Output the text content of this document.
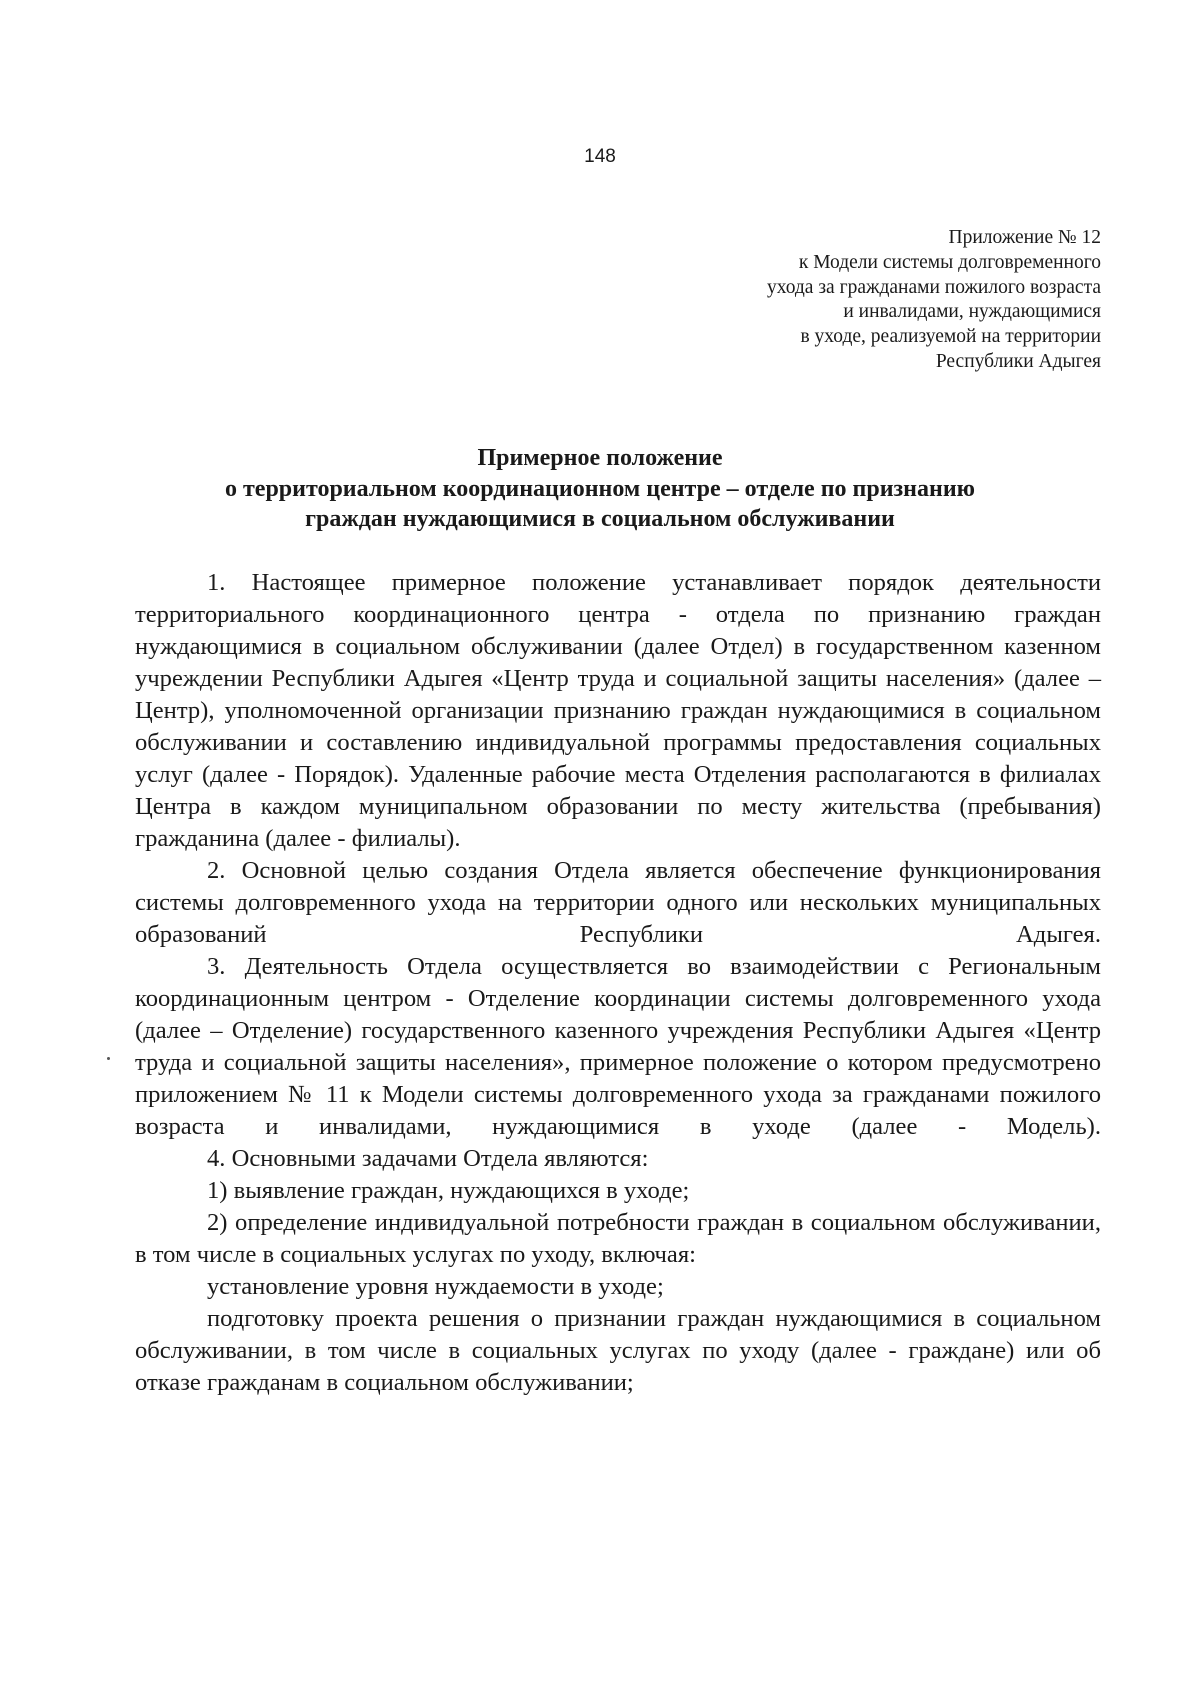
148
Приложение № 12
к Модели системы долговременного
ухода за гражданами пожилого возраста
и инвалидами, нуждающимися
в уходе, реализуемой на территории
Республики Адыгея
Примерное положение
о территориальном координационном центре – отделе по признанию
граждан нуждающимися в социальном обслуживании

1. Настоящее примерное положение устанавливает порядок деятельности территориального координационного центра - отдела по признанию граждан нуждающимися в социальном обслуживании (далее Отдел) в государственном казенном учреждении Республики Адыгея «Центр труда и социальной защиты населения» (далее – Центр), уполномоченной организации признанию граждан нуждающимися в социальном обслуживании и составлению индивидуальной программы предоставления социальных услуг (далее - Порядок). Удаленные рабочие места Отделения располагаются в филиалах Центра в каждом муниципальном образовании по месту жительства (пребывания) гражданина (далее - филиалы).

2. Основной целью создания Отдела является обеспечение функционирования системы долговременного ухода на территории одного или нескольких муниципальных образований Республики Адыгея.

3. Деятельность Отдела осуществляется во взаимодействии с Региональным координационным центром - Отделение координации системы долговременного ухода (далее – Отделение) государственного казенного учреждения Республики Адыгея «Центр труда и социальной защиты населения», примерное положение о котором предусмотрено приложением № 11 к Модели системы долговременного ухода за гражданами пожилого возраста и инвалидами, нуждающимися в уходе (далее - Модель).

4. Основными задачами Отдела являются:

1) выявление граждан, нуждающихся в уходе;

2) определение индивидуальной потребности граждан в социальном обслуживании, в том числе в социальных услугах по уходу, включая:

установление уровня нуждаемости в уходе;

подготовку проекта решения о признании граждан нуждающимися в социальном обслуживании, в том числе в социальных услугах по уходу (далее - граждане) или об отказе гражданам в социальном обслуживании;
